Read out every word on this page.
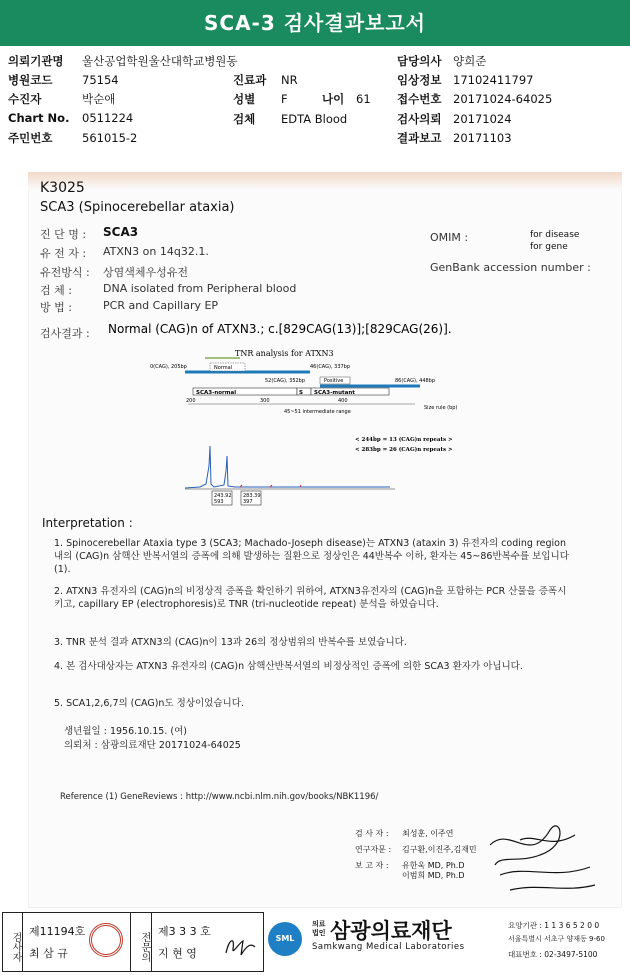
SCA-3 검사결과보고서
의뢰기관명 울산공업학원울산대학교병원동
병원코드	75154
수진자	박순애
Chart No. 0511224
주민번호	561015-2
진료과 NR
성별 F	나이 61
검체 EDTA Blood
담당의사 양희준
임상정보 17102411797
접수번호 20171024-64025
검사의뢰 20171024
결과보고 20171103
K3025
SCA3 (Spinocerebellar ataxia)
진 단 명 : SCA3
유 전 자 : ATXN3 on 14q32.1.
유전방식 : 상염색체우성유전
검 체 :	DNA isolated from Peripheral blood
방 법 :	PCR and Capillary EP
OMIM :	for disease
for gene
GenBank accession number :
검사결과 : Normal (CAG)n of ATXN3.; c.[829CAG(13)];[829CAG(26)].
TNR analysis for ATXN3
0(CAG), 205bp	Normal	46(CAG), 337bp
52(CAG), 352bp	Positive	86(CAG), 448bp
SCA3-normal	S SCA3-mutant
200	300	400
Size rule (bp)
45~51 intermediate range
< 244bp = 13 (CAG)n repeats >
< 283bp = 26 (CAG)n repeats >
243.92
593
283.39
397
Interpretation :
1. Spinocerebellar Ataxia type 3 (SCA3; Machado-Joseph disease)는 ATXN3 (ataxin 3) 유전자의 coding region 내의 (CAG)n 삼핵산 반복서열의 증폭에 의해 발생하는 질환으로 정상인은 44반복수 이하, 환자는 45~86반복수를 보입니다 (1).
2. ATXN3 유전자의 (CAG)n의 비정상적 증폭을 확인하기 위하여, ATXN3유전자의 (CAG)n을 포함하는 PCR 산물을 증폭시키고, capillary EP (electrophoresis)로 TNR (tri-nucleotide repeat) 분석을 하였습니다.
3. TNR 분석 결과 ATXN3의 (CAG)n이 13과 26의 정상범위의 반복수를 보였습니다.
4. 본 검사대상자는 ATXN3 유전자의 (CAG)n 삼핵산반복서열의 비정상적인 증폭에 의한 SCA3 환자가 아닙니다.
5. SCA1,2,6,7의 (CAG)n도 정상이었습니다.
생년월일 : 1956.10.15. (여)
의뢰처 : 삼광의료재단 20171024-64025
Reference (1) GeneReviews : http://www.ncbi.nlm.nih.gov/books/NBK1196/
검 사 자 : 최성훈, 이주연
연구자문 : 김구환,이진주,김재민
보 고 자 : 유한욱 MD, Ph.D
이범희 MD, Ph.D
검사자
제11194호
최 삼 규	전문의
제3 3 3 호
지 현 영
SML
의료법인 삼광의료재단
Samkwang Medical Laboratories
요양기관 : 1 1 3 6 5 2 0 0
서울특별시 서초구 양재동 9-60
대표번호 : 02-3497-5100
